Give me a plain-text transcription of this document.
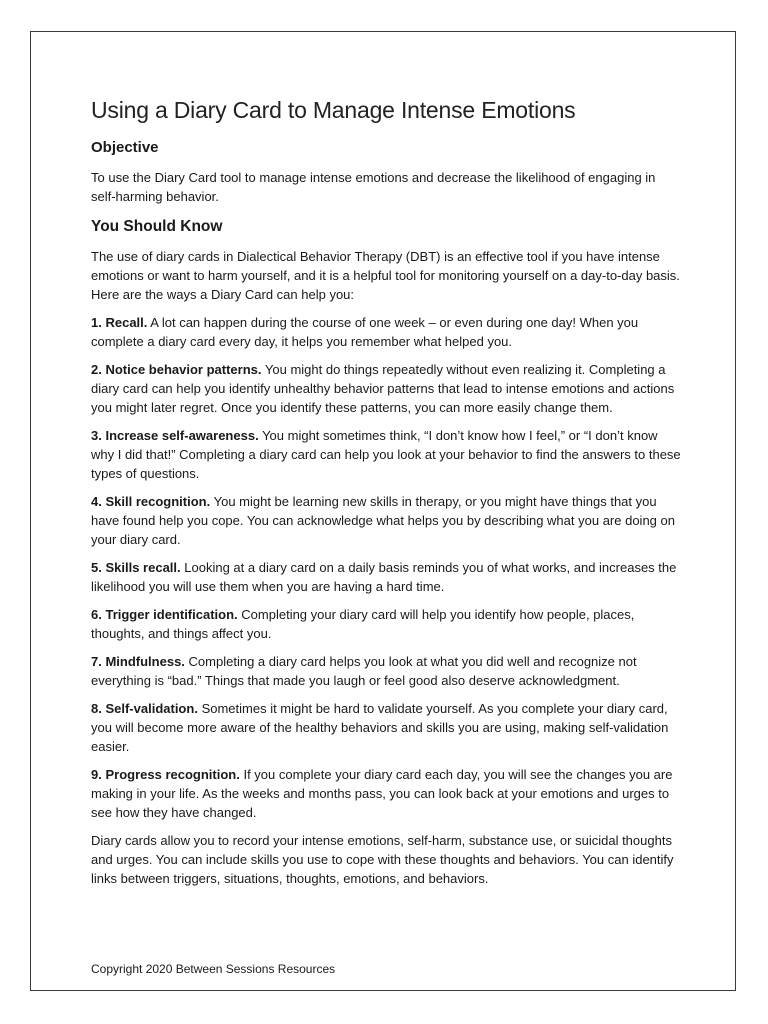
Using a Diary Card to Manage Intense Emotions
Objective

To use the Diary Card tool to manage intense emotions and decrease the likelihood of engaging in self-harming behavior.

You Should Know

The use of diary cards in Dialectical Behavior Therapy (DBT) is an effective tool if you have intense emotions or want to harm yourself, and it is a helpful tool for monitoring yourself on a day-to-day basis. Here are the ways a Diary Card can help you:

1. Recall. A lot can happen during the course of one week – or even during one day! When you complete a diary card every day, it helps you remember what helped you.

2. Notice behavior patterns. You might do things repeatedly without even realizing it. Completing a diary card can help you identify unhealthy behavior patterns that lead to intense emotions and actions you might later regret. Once you identify these patterns, you can more easily change them.

3. Increase self-awareness. You might sometimes think, “I don’t know how I feel,” or “I don’t know why I did that!” Completing a diary card can help you look at your behavior to find the answers to these types of questions.

4. Skill recognition. You might be learning new skills in therapy, or you might have things that you have found help you cope. You can acknowledge what helps you by describing what you are doing on your diary card.

5. Skills recall. Looking at a diary card on a daily basis reminds you of what works, and increases the likelihood you will use them when you are having a hard time.

6. Trigger identification. Completing your diary card will help you identify how people, places, thoughts, and things affect you.

7. Mindfulness. Completing a diary card helps you look at what you did well and recognize not everything is “bad.” Things that made you laugh or feel good also deserve acknowledgment.

8. Self-validation. Sometimes it might be hard to validate yourself. As you complete your diary card, you will become more aware of the healthy behaviors and skills you are using, making self-validation easier.

9. Progress recognition. If you complete your diary card each day, you will see the changes you are making in your life. As the weeks and months pass, you can look back at your emotions and urges to see how they have changed.

Diary cards allow you to record your intense emotions, self-harm, substance use, or suicidal thoughts and urges. You can include skills you use to cope with these thoughts and behaviors. You can identify links between triggers, situations, thoughts, emotions, and behaviors.

Copyright 2020 Between Sessions Resources
